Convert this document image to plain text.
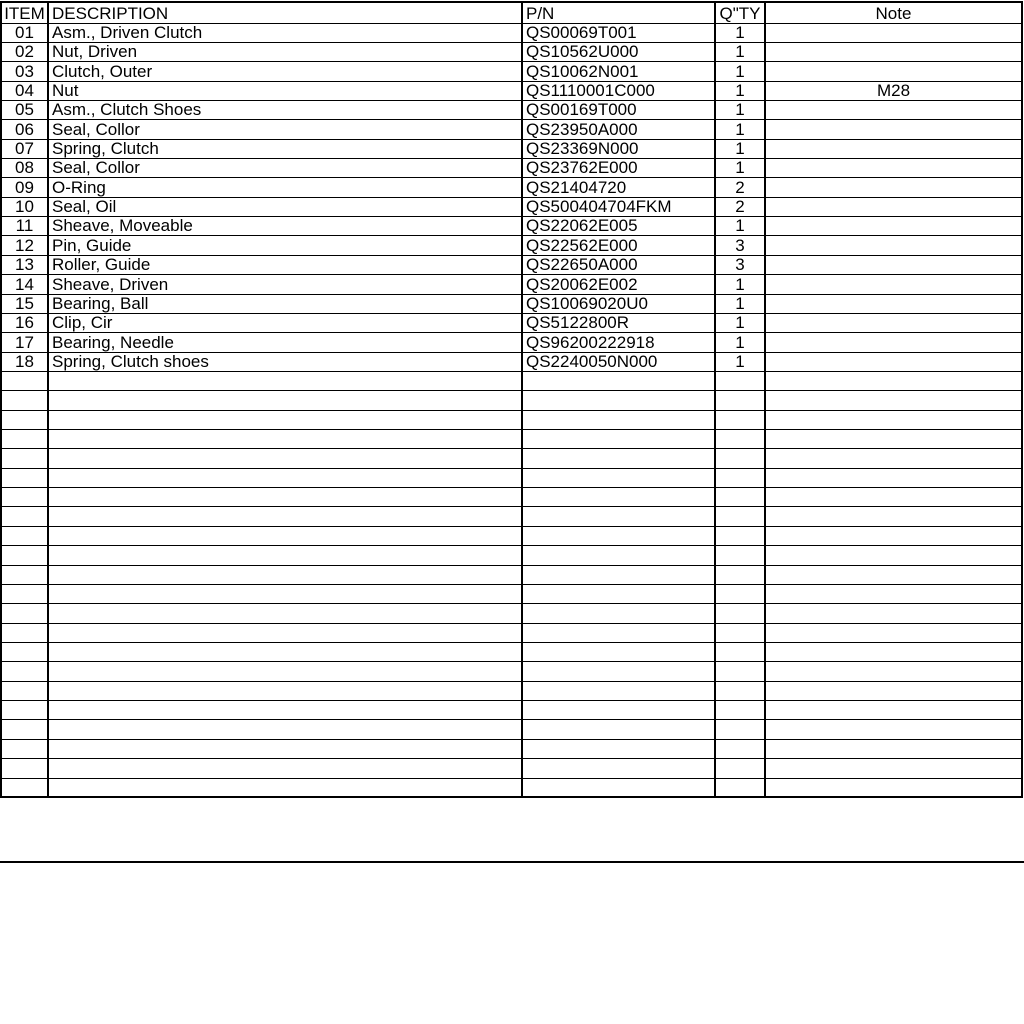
ITEM	DESCRIPTION	P/N	Q"TY	Note
01	Asm., Driven Clutch	QS00069T001	1	
02	Nut, Driven	QS10562U000	1	
03	Clutch, Outer	QS10062N001	1	
04	Nut	QS1110001C000	1	M28
05	Asm., Clutch Shoes	QS00169T000	1	
06	Seal, Collor	QS23950A000	1	
07	Spring, Clutch	QS23369N000	1	
08	Seal, Collor	QS23762E000	1	
09	O-Ring	QS21404720	2	
10	Seal, Oil	QS500404704FKM	2	
11	Sheave, Moveable	QS22062E005	1	
12	Pin, Guide	QS22562E000	3	
13	Roller, Guide	QS22650A000	3	
14	Sheave, Driven	QS20062E002	1	
15	Bearing, Ball	QS10069020U0	1	
16	Clip, Cir	QS5122800R	1	
17	Bearing, Needle	QS96200222918	1	
18	Spring, Clutch shoes	QS2240050N000	1	
